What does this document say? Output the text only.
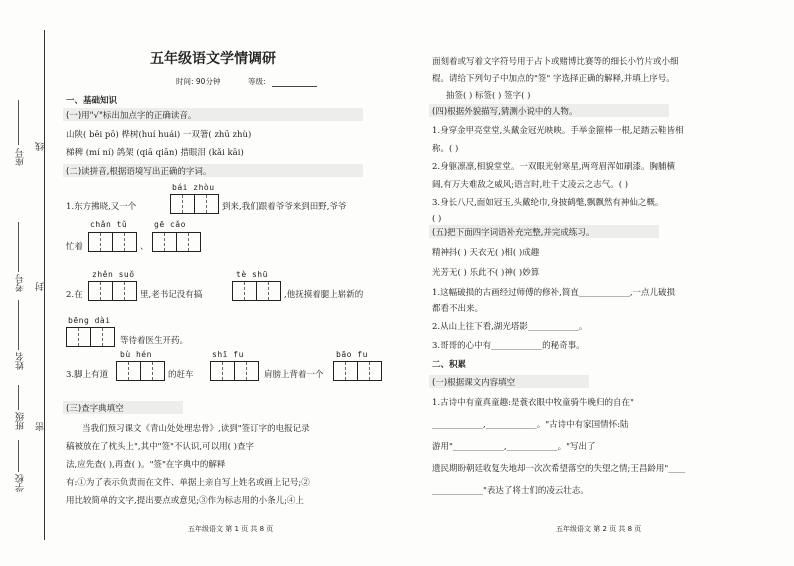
座号
线
考号 封
姓名
班级 密
学校
五年级语文学情调研
时间: 90分钟	等级:
一、基础知识
(一)用"√"标出加点字的正确读音。
山陕( bēi pō) 桦树(huí huái) 一双箸( zhū zhù)
梯稗 (mí ní) 鸽架 (qiā qiān) 措眼泪 (kǎi kāi)
(二)读拼音,根据语境写出正确的字词。
bái zhòu
1.东方拂晓,又一个	到来,我们跟着爷爷来到田野,爷爷
chǎn tǔ	gē cǎo
忙着	、
zhěn suǒ	tè shū
2.在	里,老书记没有搞	,他抚摸着腿上崭新的
bēng dài
等待着医生开药。
bù hén	shī fu	bāo fu
3.脚上有道	的赶车	肩膀上背着一个
(三)查字典填空
当我们预习课文《青山处处埋忠骨》,读到"签订字的电报记录
稿被放在了枕头上",其中"签"不认识,可以用( )查字
法,应先查( ),再查( )。"签"在字典中的解释
有:①为了表示负责而在文件、单据上亲自写上姓名或画上记号;②
用比较简单的文字,提出要点或意见;③作为标志用的小条儿;④上
五年级语文 第 1 页 共 8 页
面刻着或写着文字符号用于占卜或赌博比赛等的细长小竹片或小细
棍。请给下列句子中加点的"签" 字选择正确的解释,并填上序号。
抽签( ) 标签( ) 签字( )
(四)根据外貌描写,猜测小说中的人物。
1.身穿金甲亮堂堂,头戴金冠光映映。手举金箍棒一根,足踏云鞋皆相
称。( )
2.身躯凛凛,相貌堂堂。一双眼光射寒星,两弯眉浑如刷漆。胸脯横
阔,有万夫难敌之威风;语言时,吐千丈凌云之志气。( )
3.身长八尺,面如冠玉,头戴纶巾,身披鹤氅,飘飘然有神仙之概。
( )
(五)把下面四字词语补充完整,并完成练习。
精神抖( ) 天衣无( )相( )成趣
光芳无( ) 乐此不( )神( )妙算
1.这幅破损的古画经过师傅的修补,简直____________,一点儿破损
都看不出来。
2.从山上往下看,湖光塔影____________。
3.哥哥的心中有____________的秘奇事。
二、积累
(一)根据课文内容填空
1.古诗中有童真童趣:是蓑衣眼中牧童骑牛晚归的自在"
____________,____________。"古诗中有家国情怀:陆
游用"____________,____________。"写出了
遗民期盼朝廷收复失地却一次次希望落空的失望之情;王昌龄用"____
____________"表达了将士们的凌云壮志。
五年级语文 第 2 页 共 8 页
